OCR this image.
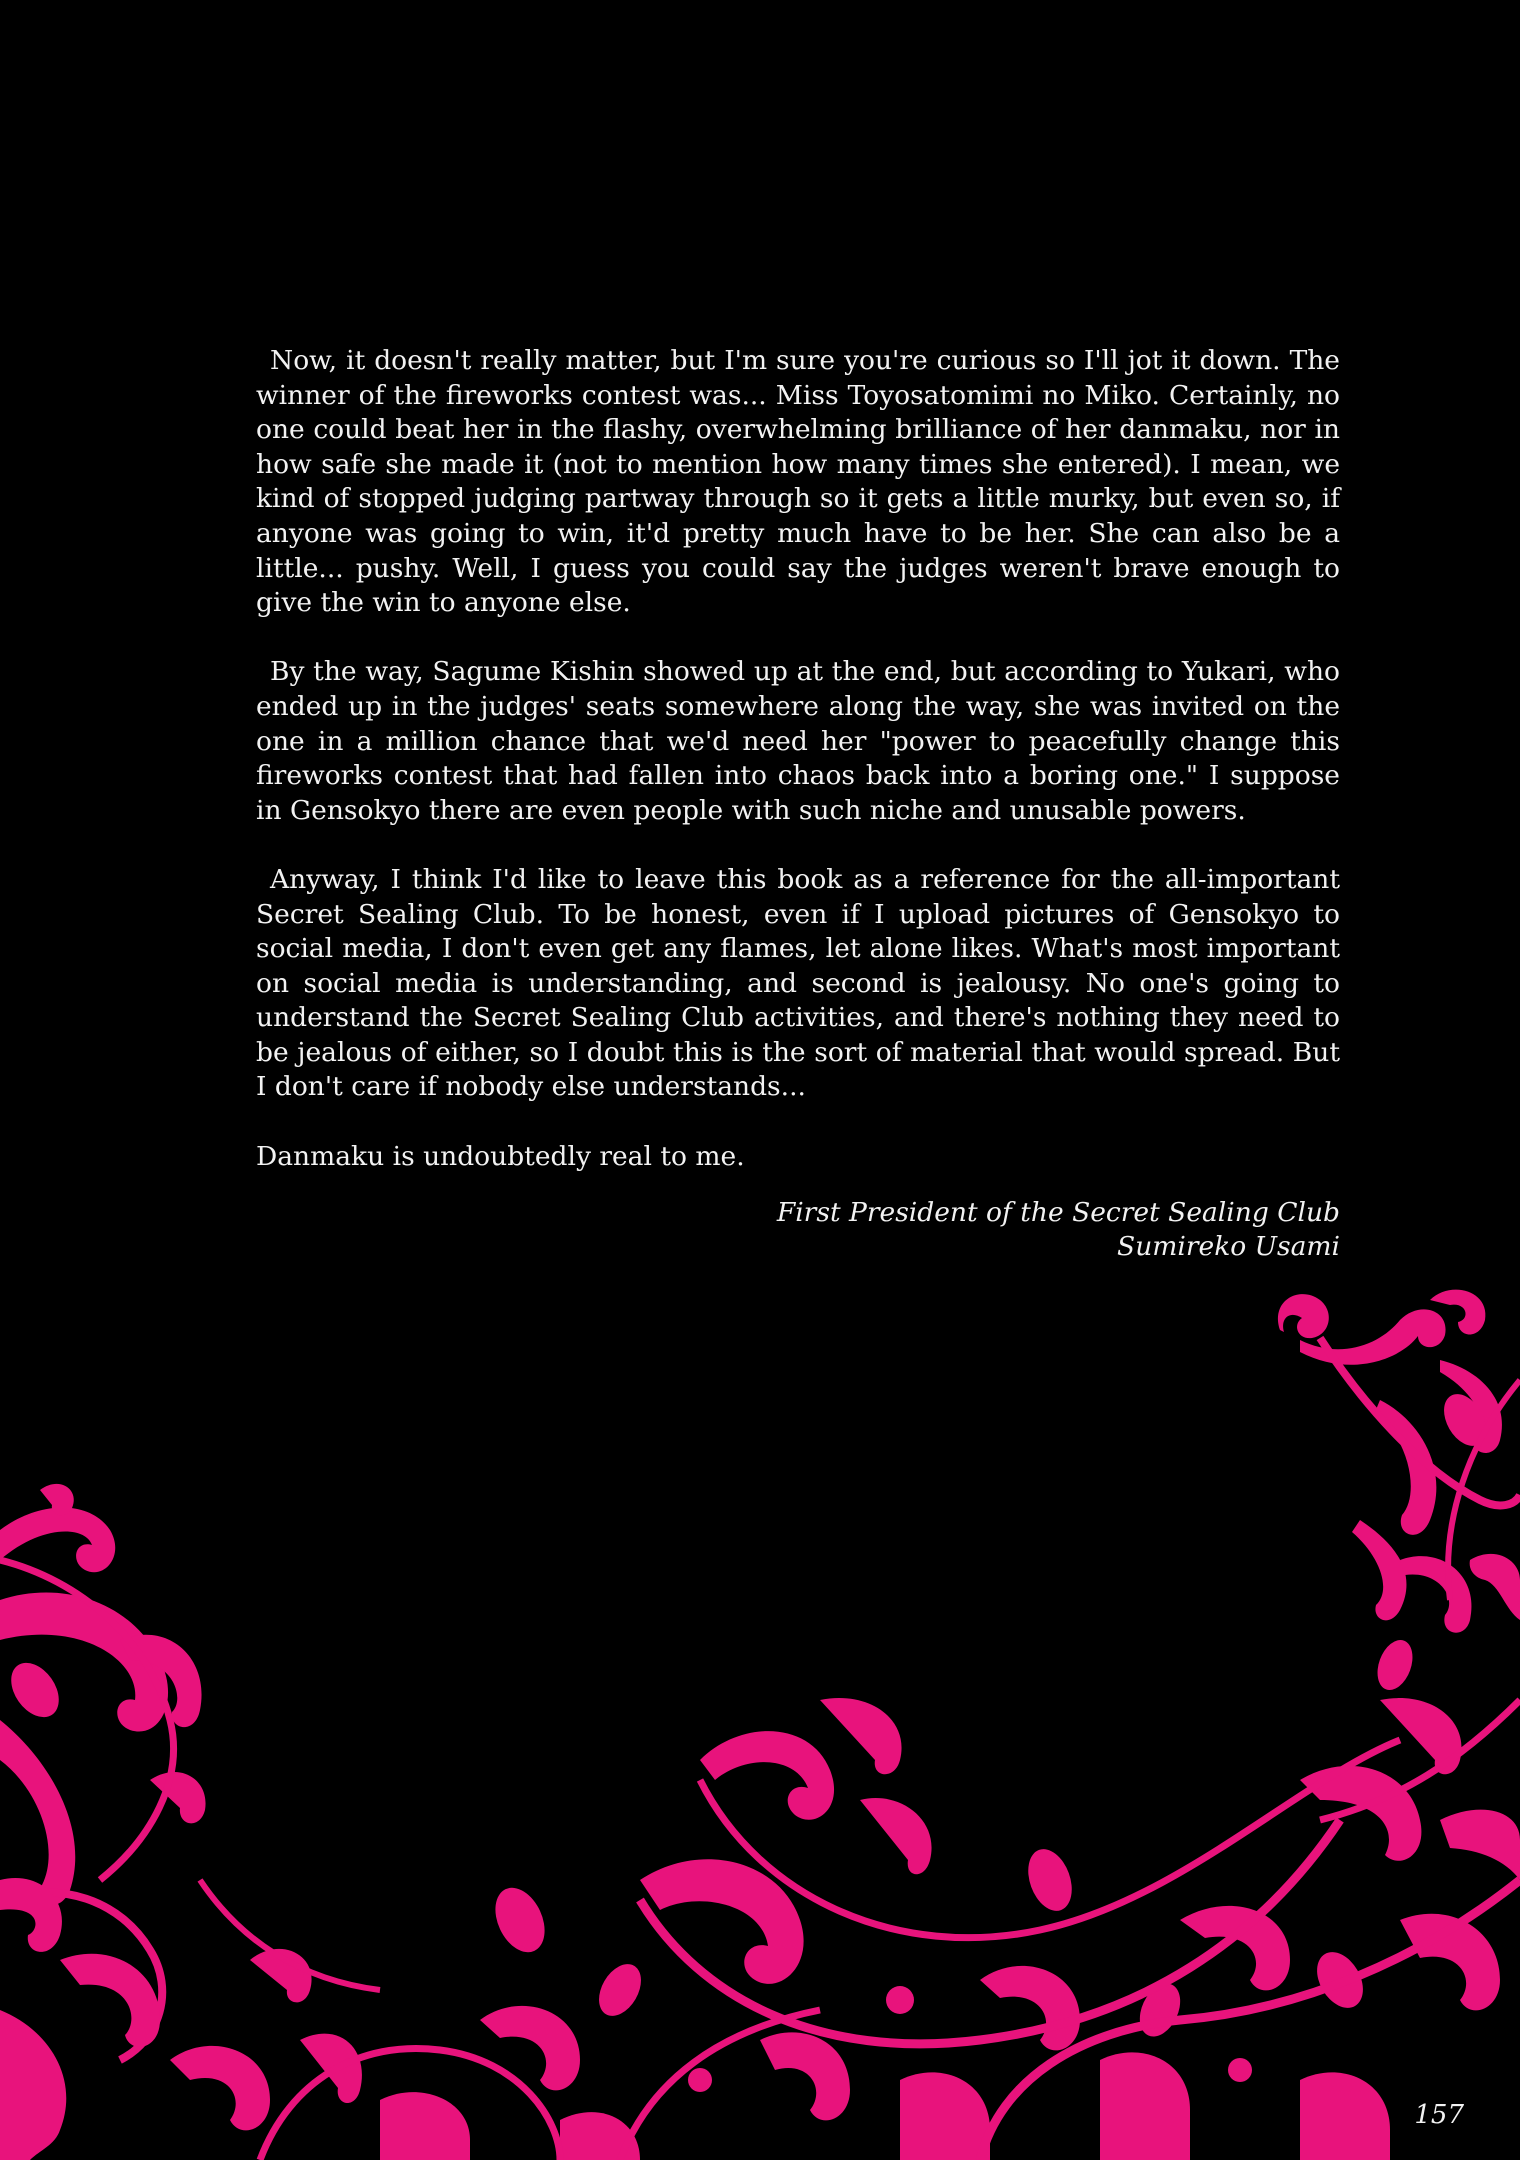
Now, it doesn't really matter, but I'm sure you're curious so I'll jot it down. The winner of the fireworks contest was... Miss Toyosatomimi no Miko. Certainly, no one could beat her in the flashy, overwhelming brilliance of her danmaku, nor in how safe she made it (not to mention how many times she entered). I mean, we kind of stopped judging partway through so it gets a little murky, but even so, if anyone was going to win, it'd pretty much have to be her. She can also be a little... pushy. Well, I guess you could say the judges weren't brave enough to give the win to anyone else.

By the way, Sagume Kishin showed up at the end, but according to Yukari, who ended up in the judges' seats somewhere along the way, she was invited on the one in a million chance that we'd need her "power to peacefully change this fireworks contest that had fallen into chaos back into a boring one." I suppose in Gensokyo there are even people with such niche and unusable powers.

Anyway, I think I'd like to leave this book as a reference for the all-important Secret Sealing Club. To be honest, even if I upload pictures of Gensokyo to social media, I don't even get any flames, let alone likes. What's most important on social media is understanding, and second is jealousy. No one's going to understand the Secret Sealing Club activities, and there's nothing they need to be jealous of either, so I doubt this is the sort of material that would spread. But I don't care if nobody else understands...

Danmaku is undoubtedly real to me.

First President of the Secret Sealing Club

Sumireko Usami

157
